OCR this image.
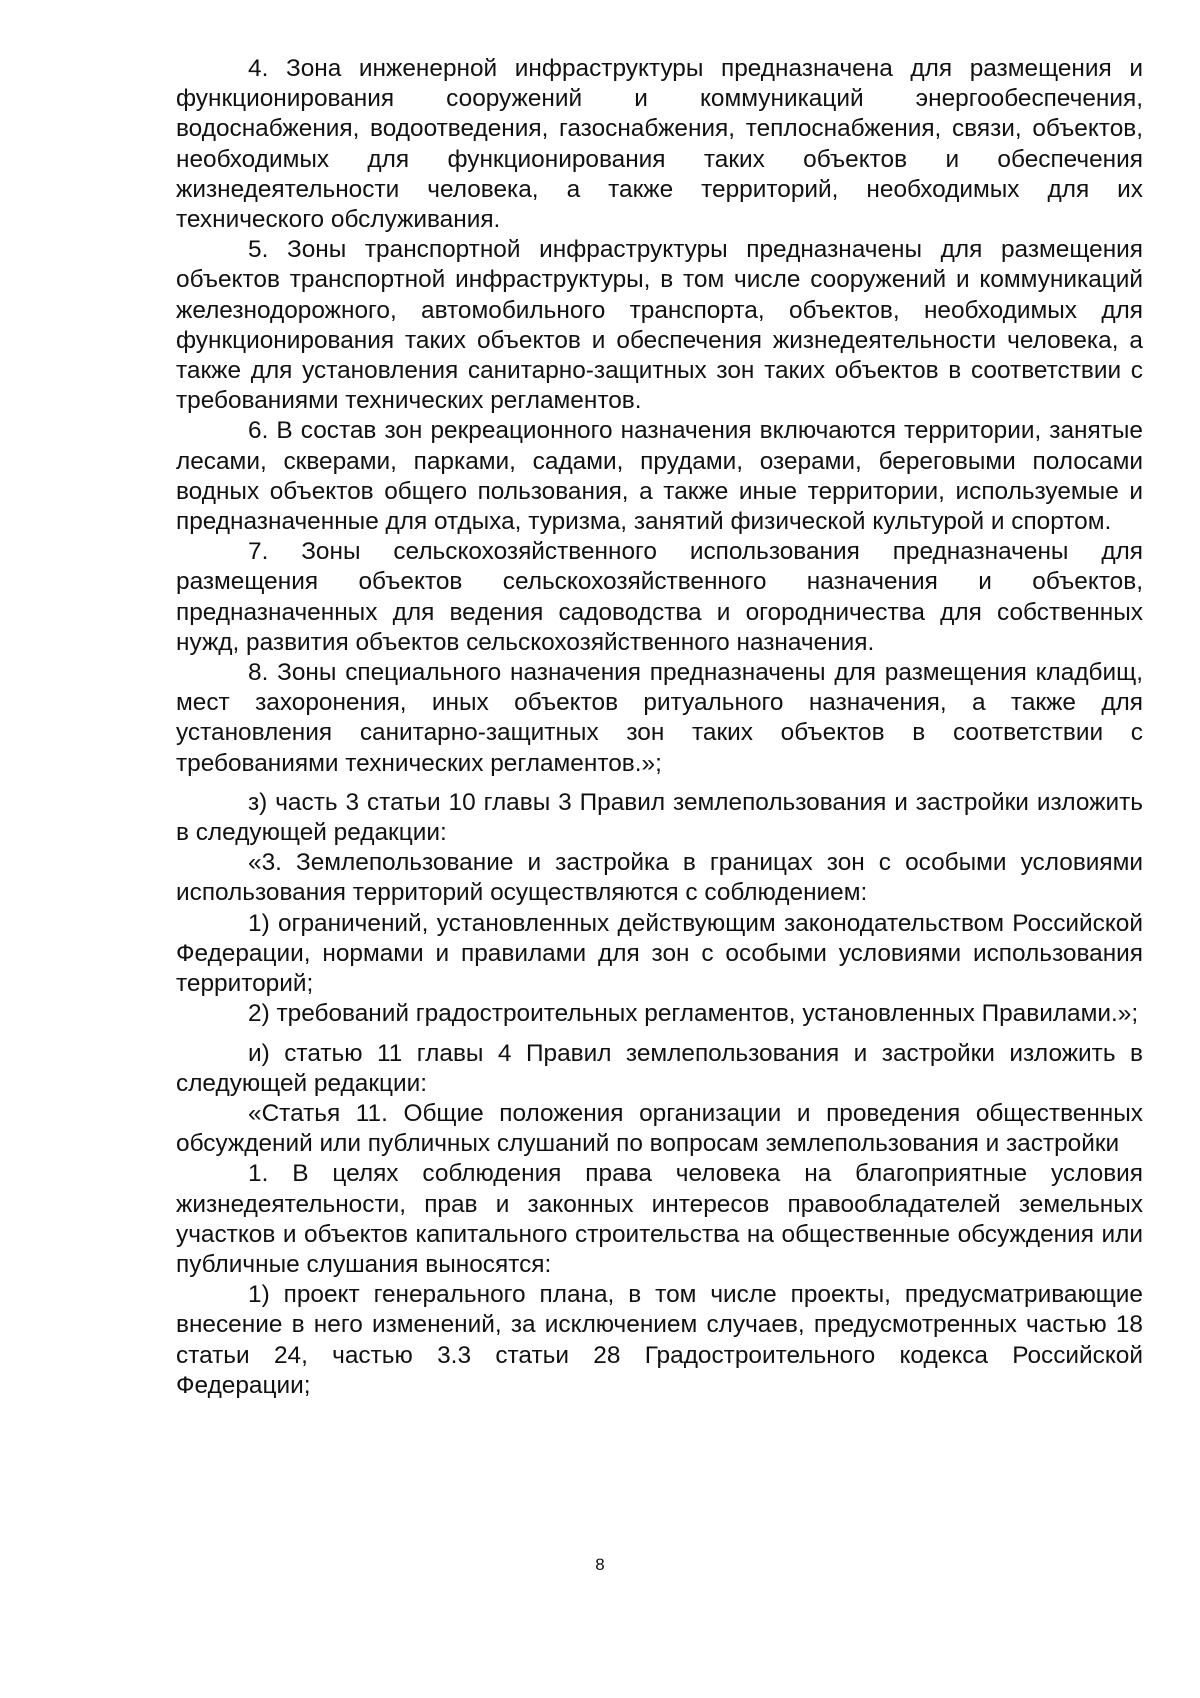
4. Зона инженерной инфраструктуры предназначена для размещения и функционирования сооружений и коммуникаций энергообеспечения, водоснабжения, водоотведения, газоснабжения, теплоснабжения, связи, объектов, необходимых для функционирования таких объектов и обеспечения жизнедеятельности человека, а также территорий, необходимых для их технического обслуживания.

5. Зоны транспортной инфраструктуры предназначены для размещения объектов транспортной инфраструктуры, в том числе сооружений и коммуникаций железнодорожного, автомобильного транспорта, объектов, необходимых для функционирования таких объектов и обеспечения жизнедеятельности человека, а также для установления санитарно-защитных зон таких объектов в соответствии с требованиями технических регламентов.

6. В состав зон рекреационного назначения включаются территории, занятые лесами, скверами, парками, садами, прудами, озерами, береговыми полосами водных объектов общего пользования, а также иные территории, используемые и предназначенные для отдыха, туризма, занятий физической культурой и спортом.

7. Зоны сельскохозяйственного использования предназначены для размещения объектов сельскохозяйственного назначения и объектов, предназначенных для ведения садоводства и огородничества для собственных нужд, развития объектов сельскохозяйственного назначения.

8. Зоны специального назначения предназначены для размещения кладбищ, мест захоронения, иных объектов ритуального назначения, а также для установления санитарно-защитных зон таких объектов в соответствии с требованиями технических регламентов.»;

з) часть 3 статьи 10 главы 3 Правил землепользования и застройки изложить в следующей редакции:

«3. Землепользование и застройка в границах зон с особыми условиями использования территорий осуществляются с соблюдением:

1) ограничений, установленных действующим законодательством Российской Федерации, нормами и правилами для зон с особыми условиями использования территорий;

2) требований градостроительных регламентов, установленных Правилами.»;

и) статью 11 главы 4 Правил землепользования и застройки изложить в следующей редакции:

«Статья 11. Общие положения организации и проведения общественных обсуждений или публичных слушаний по вопросам землепользования и застройки

1. В целях соблюдения права человека на благоприятные условия жизнедеятельности, прав и законных интересов правообладателей земельных участков и объектов капитального строительства на общественные обсуждения или публичные слушания выносятся:

1) проект генерального плана, в том числе проекты, предусматривающие внесение в него изменений, за исключением случаев, предусмотренных частью 18 статьи 24, частью 3.3 статьи 28 Градостроительного кодекса Российской Федерации;

8
